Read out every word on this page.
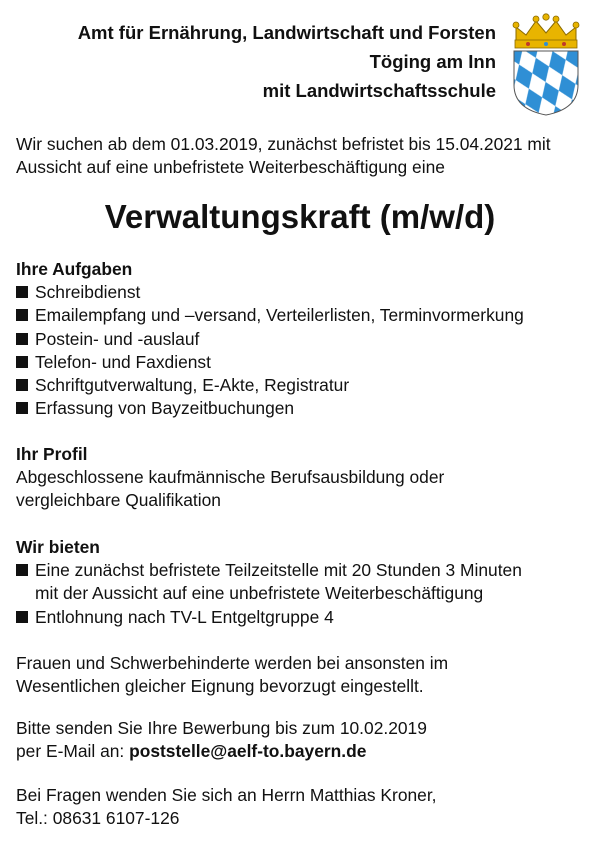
Amt für Ernährung, Landwirtschaft und Forsten
Töging am Inn
mit Landwirtschaftsschule
Wir suchen ab dem 01.03.2019, zunächst befristet bis 15.04.2021 mit
Aussicht auf eine unbefristete Weiterbeschäftigung eine
Verwaltungskraft (m/w/d)
Ihre Aufgaben
Schreibdienst
Emailempfang und –versand, Verteilerlisten, Terminvormerkung
Postein- und -auslauf
Telefon- und Faxdienst
Schriftgutverwaltung, E-Akte, Registratur
Erfassung von Bayzeitbuchungen
Ihr Profil

Abgeschlossene kaufmännische Berufsausbildung oder

vergleichbare Qualifikation

Wir bieten
Eine zunächst befristete Teilzeitstelle mit 20 Stunden 3 Minuten
mit der Aussicht auf eine unbefristete Weiterbeschäftigung
Entlohnung nach TV-L Entgeltgruppe 4

Frauen und Schwerbehinderte werden bei ansonsten im

Wesentlichen gleicher Eignung bevorzugt eingestellt.

Bitte senden Sie Ihre Bewerbung bis zum 10.02.2019

per E-Mail an: poststelle@aelf-to.bayern.de

Bei Fragen wenden Sie sich an Herrn Matthias Kroner,

Tel.: 08631 6107-126
